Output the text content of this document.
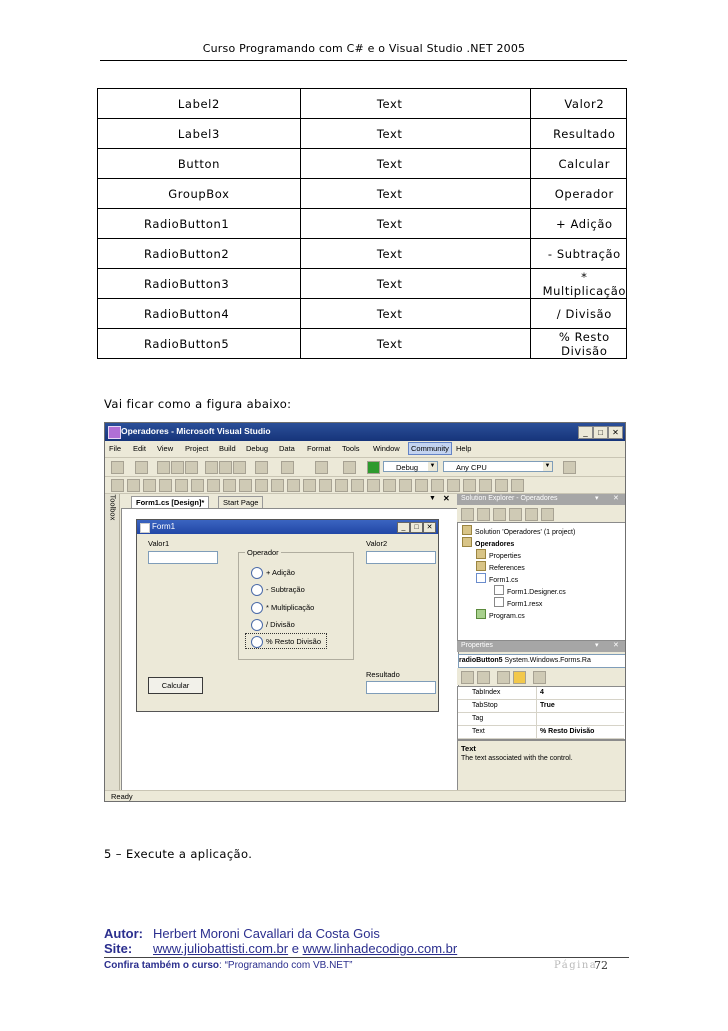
Curso Programando com C# e o Visual Studio .NET 2005
Label2	Text	Valor2
Label3	Text	Resultado
Button	Text	Calcular
GroupBox	Text	Operador
RadioButton1	Text	+ Adição
RadioButton2	Text	- Subtração
RadioButton3	Text	* Multiplicação
RadioButton4	Text	/ Divisão
RadioButton5	Text	% Resto Divisão
Vai ficar como a figura abaixo:
Operadores - Microsoft Visual Studio	_	□	✕
File Edit View Project Build Debug Data Format Tools Window	Community Help
Debug ▼	Any CPU	▼
Toolbox	Form1.cs [Design]*	Start Page	▼ ✕
Form1	_	□	✕
Valor1	Valor2
Operador
+ Adição
- Subtração
* Multiplicação
/ Divisão
% Resto Divisão
Resultado
Calcular
Solution Explorer - Operadores	▾ ✕
Solution 'Operadores' (1 project)
Operadores
Properties
References
Form1.cs
Form1.Designer.cs
Form1.resx
Program.cs
Properties	▾ ✕
radioButton5 System.Windows.Forms.Ra
TabIndex	4
TabStop	True
Tag
Text	% Resto Divisão
Text
The text associated with the control.
Ready
5 – Execute a aplicação.
Autor: Herbert Moroni Cavallari da Costa Gois
Site: www.juliobattisti.com.br e www.linhadecodigo.com.br
Confira também o curso: “Programando com VB.NET”	Página
72
